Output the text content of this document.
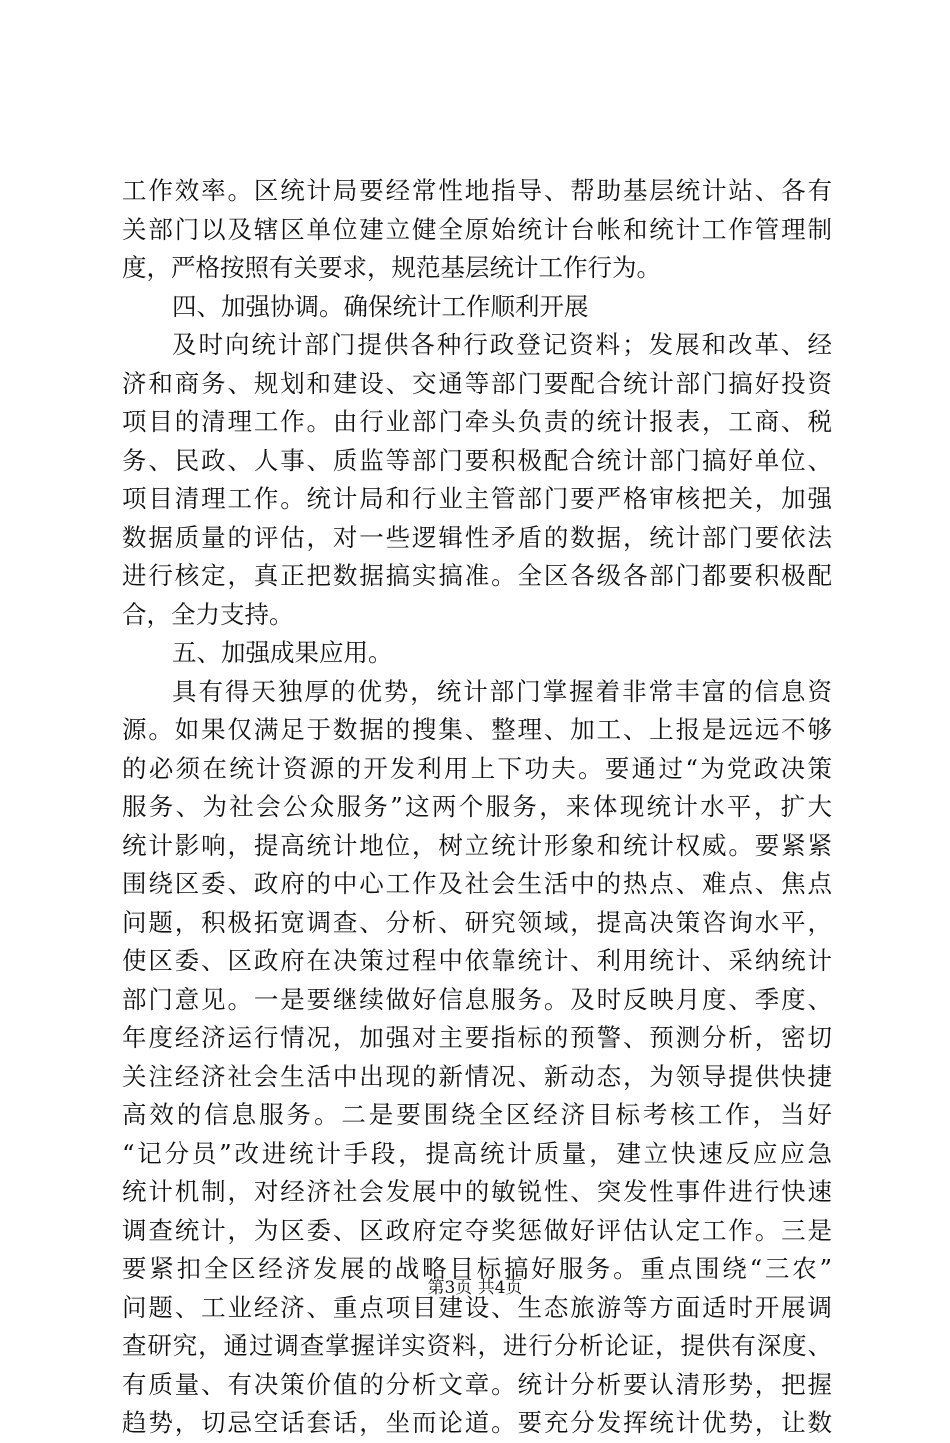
工作效率。区统计局要经常性地指导、帮助基层统计站、各有
关部门以及辖区单位建立健全原始统计台帐和统计工作管理制
度，严格按照有关要求，规范基层统计工作行为。
四、加强协调。确保统计工作顺利开展
及时向统计部门提供各种行政登记资料；发展和改革、经
济和商务、规划和建设、交通等部门要配合统计部门搞好投资
项目的清理工作。由行业部门牵头负责的统计报表，工商、税
务、民政、人事、质监等部门要积极配合统计部门搞好单位、
项目清理工作。统计局和行业主管部门要严格审核把关，加强
数据质量的评估，对一些逻辑性矛盾的数据，统计部门要依法
进行核定，真正把数据搞实搞准。全区各级各部门都要积极配
合，全力支持。
五、加强成果应用。
具有得天独厚的优势，统计部门掌握着非常丰富的信息资
源。如果仅满足于数据的搜集、整理、加工、上报是远远不够
的必须在统计资源的开发利用上下功夫。要通过“为党政决策
服务、为社会公众服务”这两个服务，来体现统计水平，扩大
统计影响，提高统计地位，树立统计形象和统计权威。要紧紧
围绕区委、政府的中心工作及社会生活中的热点、难点、焦点
问题，积极拓宽调查、分析、研究领域，提高决策咨询水平，
使区委、区政府在决策过程中依靠统计、利用统计、采纳统计
部门意见。一是要继续做好信息服务。及时反映月度、季度、
年度经济运行情况，加强对主要指标的预警、预测分析，密切
关注经济社会生活中出现的新情况、新动态，为领导提供快捷
高效的信息服务。二是要围绕全区经济目标考核工作，当好
“记分员”改进统计手段，提高统计质量，建立快速反应应急
统计机制，对经济社会发展中的敏锐性、突发性事件进行快速
调查统计，为区委、区政府定夺奖惩做好评估认定工作。三是
要紧扣全区经济发展的战略目标搞好服务。重点围绕“三农”
问题、工业经济、重点项目建设、生态旅游等方面适时开展调
查研究，通过调查掌握详实资料，进行分析论证，提供有深度、
有质量、有决策价值的分析文章。统计分析要认清形势，把握
趋势，切忌空话套话，坐而论道。要充分发挥统计优势，让数
第3页 共4页
